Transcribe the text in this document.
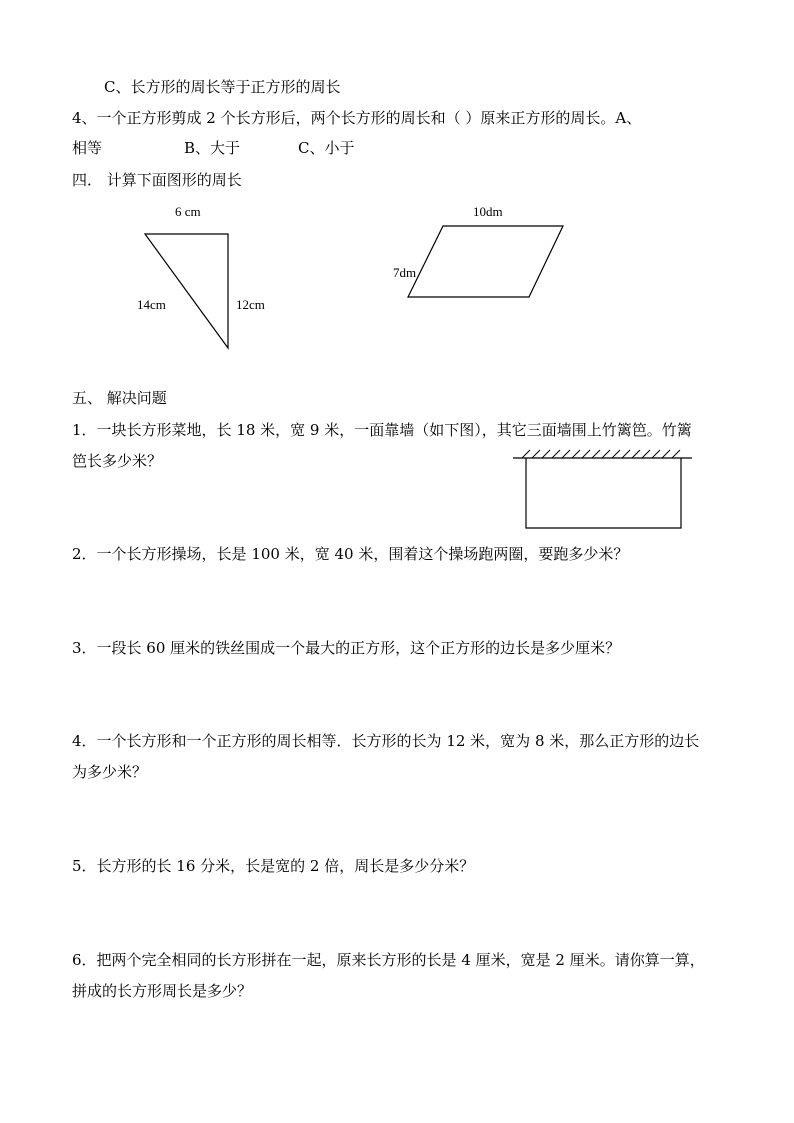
C、长方形的周长等于正方形的周长
4、一个正方形剪成 2 个长方形后，两个长方形的周长和（ ）原来正方形的周长。A、
相等	B、大于	C、小于
四． 计算下面图形的周长
6 cm
14cm	12cm
10dm
7dm
五、 解决问题
1．一块长方形菜地，长 18 米，宽 9 米，一面靠墙（如下图），其它三面墙围上竹篱笆。竹篱
笆长多少米？
2．一个长方形操场，长是 100 米，宽 40 米，围着这个操场跑两圈，要跑多少米？
3．一段长 60 厘米的铁丝围成一个最大的正方形，这个正方形的边长是多少厘米？
4．一个长方形和一个正方形的周长相等．长方形的长为 12 米，宽为 8 米，那么正方形的边长
为多少米？
5．长方形的长 16 分米，长是宽的 2 倍，周长是多少分米？
6．把两个完全相同的长方形拼在一起，原来长方形的长是 4 厘米，宽是 2 厘米。请你算一算，
拼成的长方形周长是多少？
